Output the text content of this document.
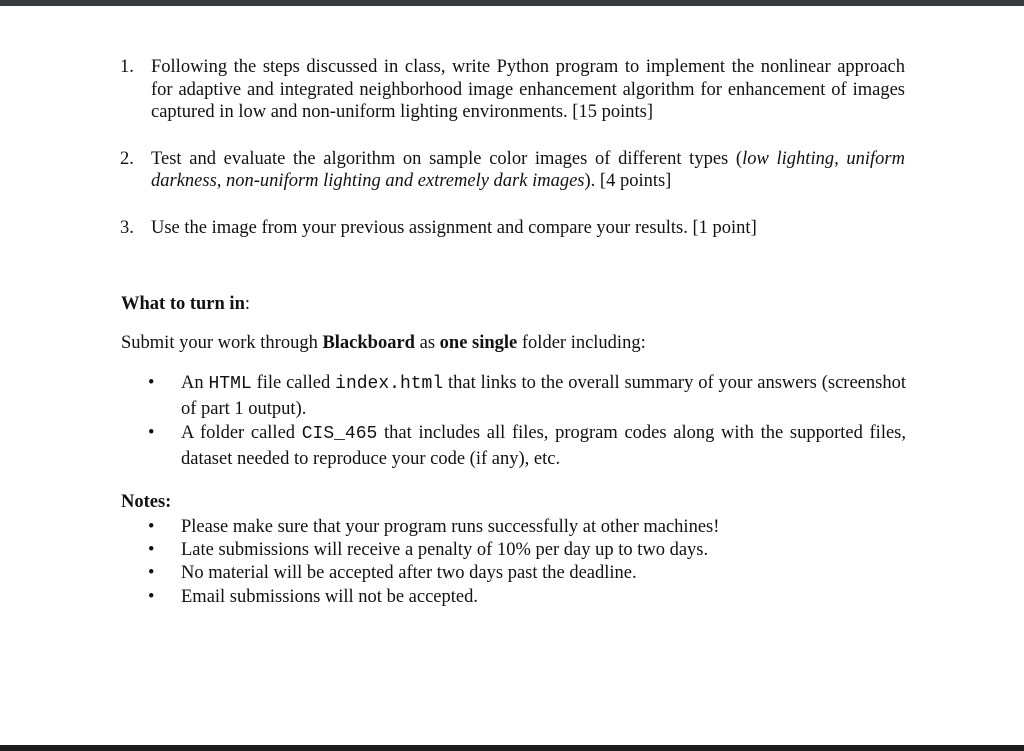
1. Following the steps discussed in class, write Python program to implement the nonlinear approach for adaptive and integrated neighborhood image enhancement algorithm for enhancement of images captured in low and non-uniform lighting environments. [15 points]
2. Test and evaluate the algorithm on sample color images of different types (low lighting, uniform darkness, non-uniform lighting and extremely dark images). [4 points]
3. Use the image from your previous assignment and compare your results. [1 point]
What to turn in:
Submit your work through Blackboard as one single folder including:
• An HTML file called index.html that links to the overall summary of your answers (screenshot of part 1 output).
• A folder called CIS_465 that includes all files, program codes along with the supported files, dataset needed to reproduce your code (if any), etc.
Notes:
• Please make sure that your program runs successfully at other machines!
• Late submissions will receive a penalty of 10% per day up to two days.
• No material will be accepted after two days past the deadline.
• Email submissions will not be accepted.
